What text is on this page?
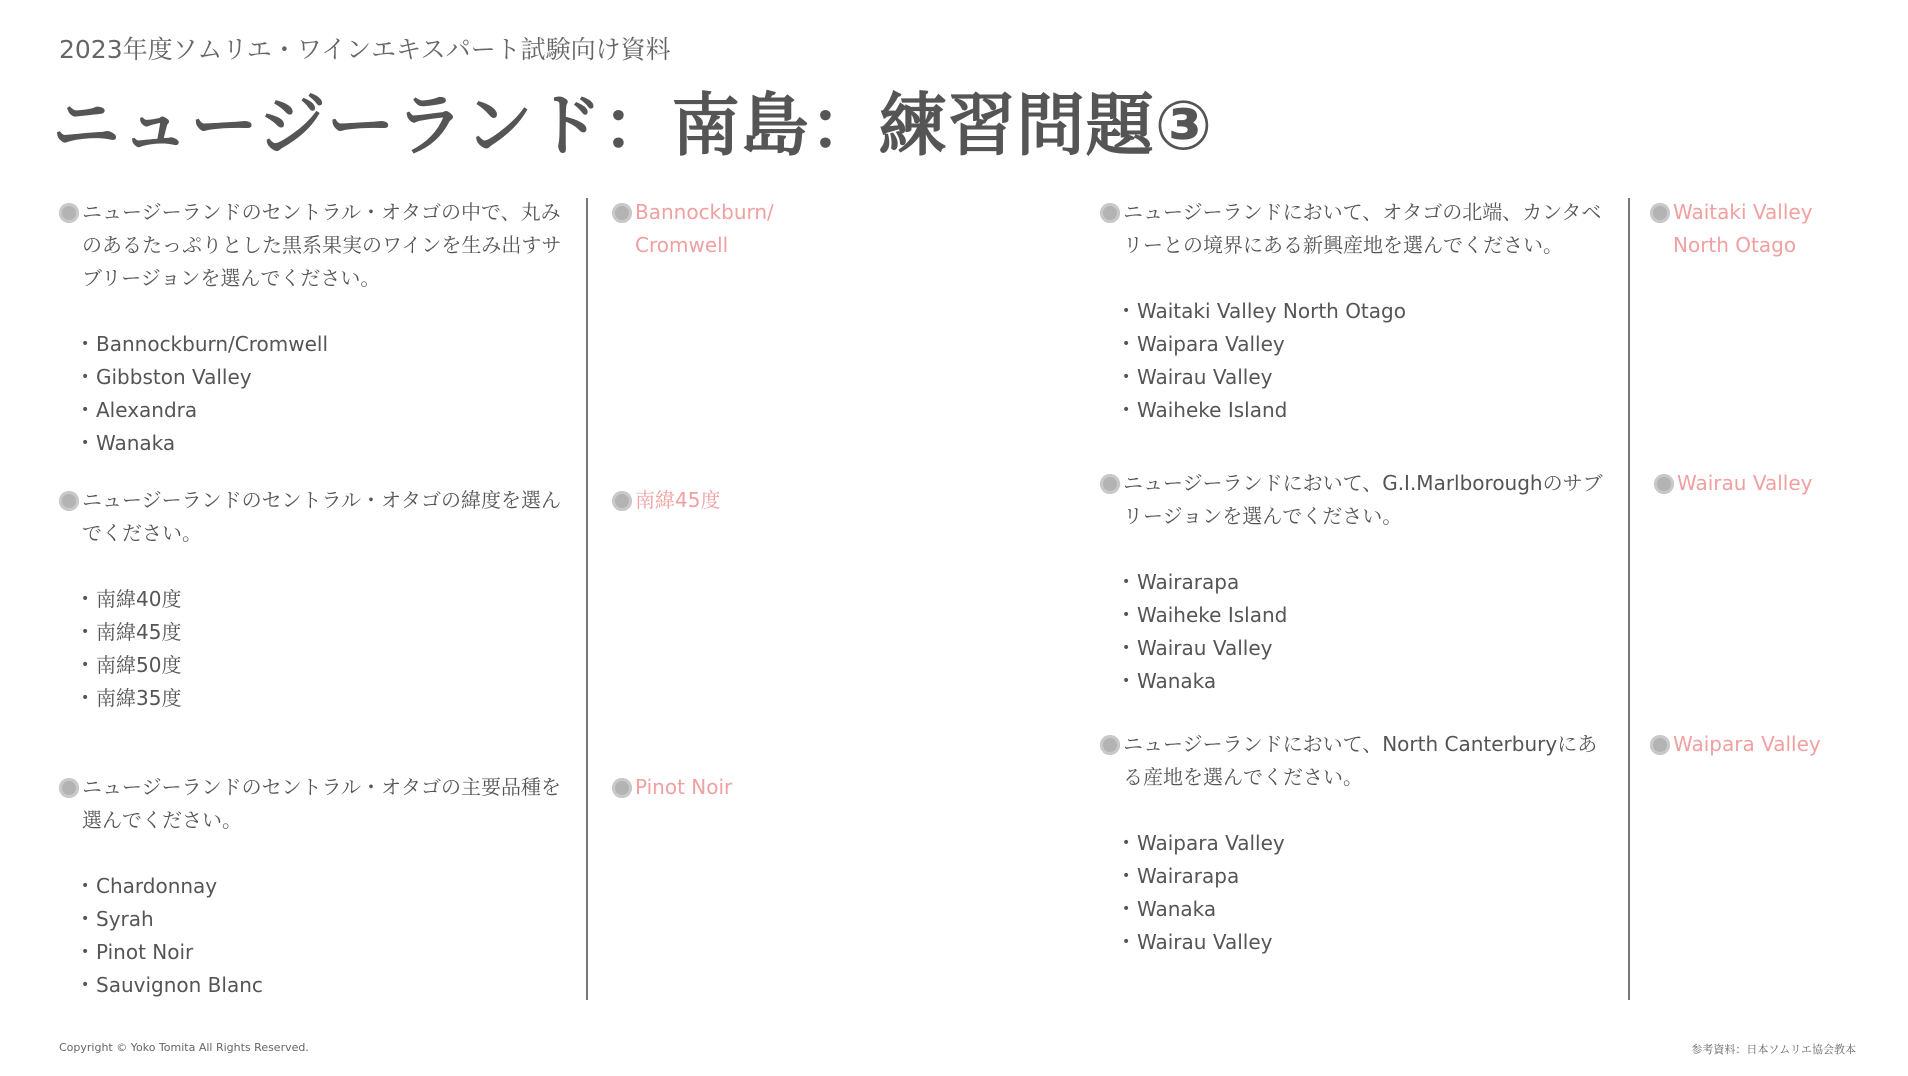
2023年度ソムリエ・ワインエキスパート試験向け資料
ニュージーランド：南島：練習問題③
ニュージーランドのセントラル・オタゴの中で、丸み
のあるたっぷりとした黒系果実のワインを生み出すサ
ブリージョンを選んでください。
• Bannockburn/Cromwell
• Gibbston Valley
• Alexandra
• Wanaka
Bannockburn/
Cromwell
ニュージーランドのセントラル・オタゴの緯度を選ん
でください。
• 南緯40度
• 南緯45度
• 南緯50度
• 南緯35度
南緯45度
ニュージーランドのセントラル・オタゴの主要品種を
選んでください。
• Chardonnay
• Syrah
• Pinot Noir
• Sauvignon Blanc
Pinot Noir
ニュージーランドにおいて、オタゴの北端、カンタベ
リーとの境界にある新興産地を選んでください。
• Waitaki Valley North Otago
• Waipara Valley
• Wairau Valley
• Waiheke Island
Waitaki Valley
North Otago
ニュージーランドにおいて、G.I.Marlboroughのサブ
リージョンを選んでください。
• Wairarapa
• Waiheke Island
• Wairau Valley
• Wanaka
Wairau Valley
ニュージーランドにおいて、North Canterburyにあ
る産地を選んでください。
• Waipara Valley
• Wairarapa
• Wanaka
• Wairau Valley
Waipara Valley
Copyright © Yoko Tomita All Rights Reserved.	参考資料：日本ソムリエ協会教本
